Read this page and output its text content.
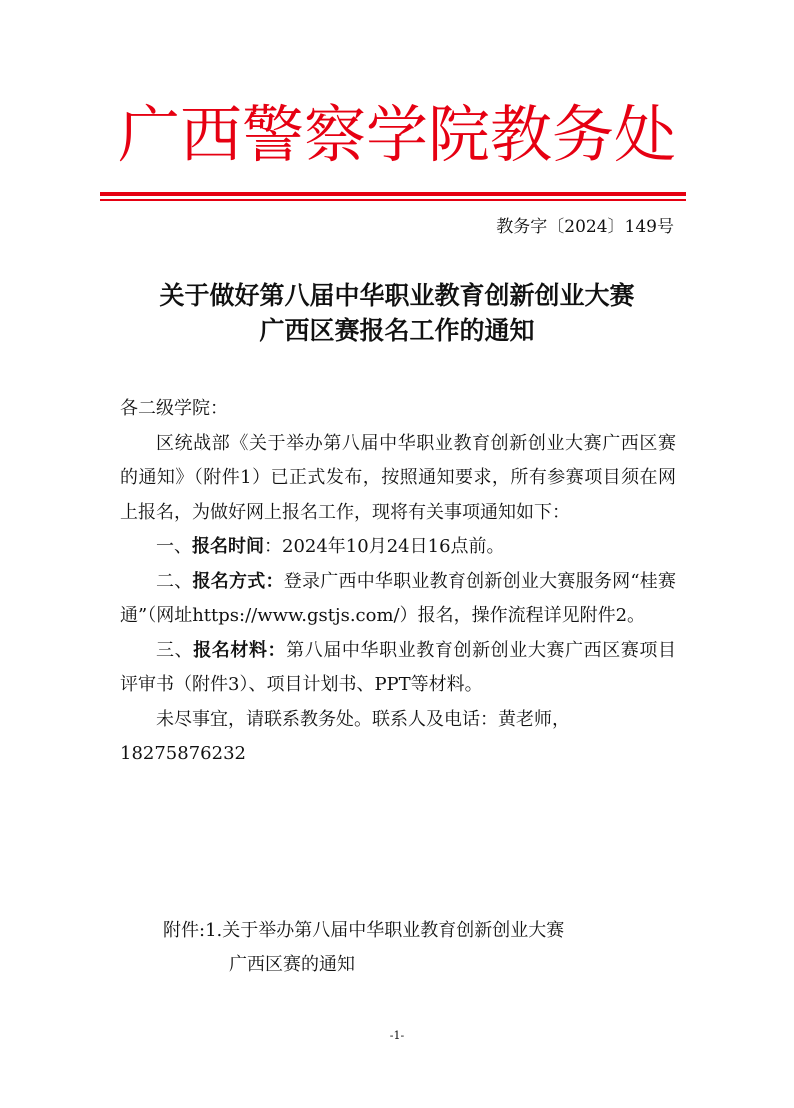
广西警察学院教务处
教务字〔2024〕149号
关于做好第八届中华职业教育创新创业大赛
广西区赛报名工作的通知

各二级学院：

区统战部《关于举办第八届中华职业教育创新创业大赛广西区赛的通知》（附件1）已正式发布，按照通知要求，所有参赛项目须在网上报名，为做好网上报名工作，现将有关事项通知如下：

一、报名时间：2024年10月24日16点前。

二、报名方式：登录广西中华职业教育创新创业大赛服务网“桂赛通”（网址https://www.gstjs.com/）报名，操作流程详见附件2。

三、报名材料：第八届中华职业教育创新创业大赛广西区赛项目评审书（附件3）、项目计划书、PPT等材料。

未尽事宜，请联系教务处。联系人及电话：黄老师，

18275876232

附件:1.关于举办第八届中华职业教育创新创业大赛
广西区赛的通知
-1-
